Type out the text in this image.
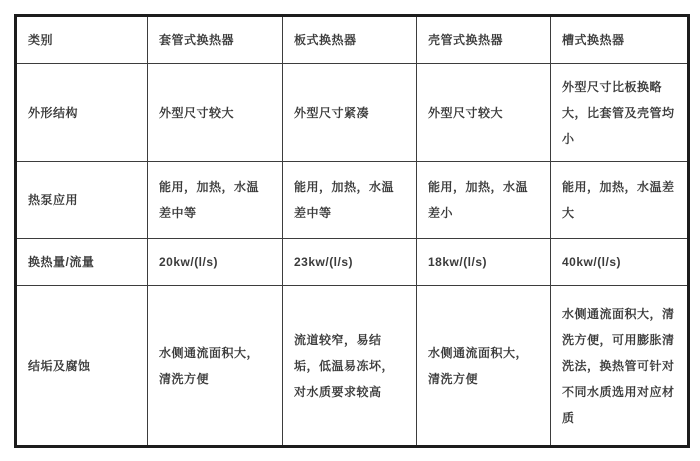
类别	套管式换热器	板式换热器	壳管式换热器	槽式换热器
外形结构	外型尺寸较大	外型尺寸紧凑	外型尺寸较大	外型尺寸比板换略大，比套管及壳管均小
热泵应用	能用，加热，水温差中等	能用，加热，水温差中等	能用，加热，水温差小	能用，加热，水温差大
换热量/流量	20kw/(l/s)	23kw/(l/s)	18kw/(l/s)	40kw/(l/s)
结垢及腐蚀	水侧通流面积大，清洗方便	流道较窄，易结垢，低温易冻坏，对水质要求较高	水侧通流面积大，清洗方便	水侧通流面积大，清洗方便，可用膨胀清洗法，换热管可针对不同水质选用对应材质
